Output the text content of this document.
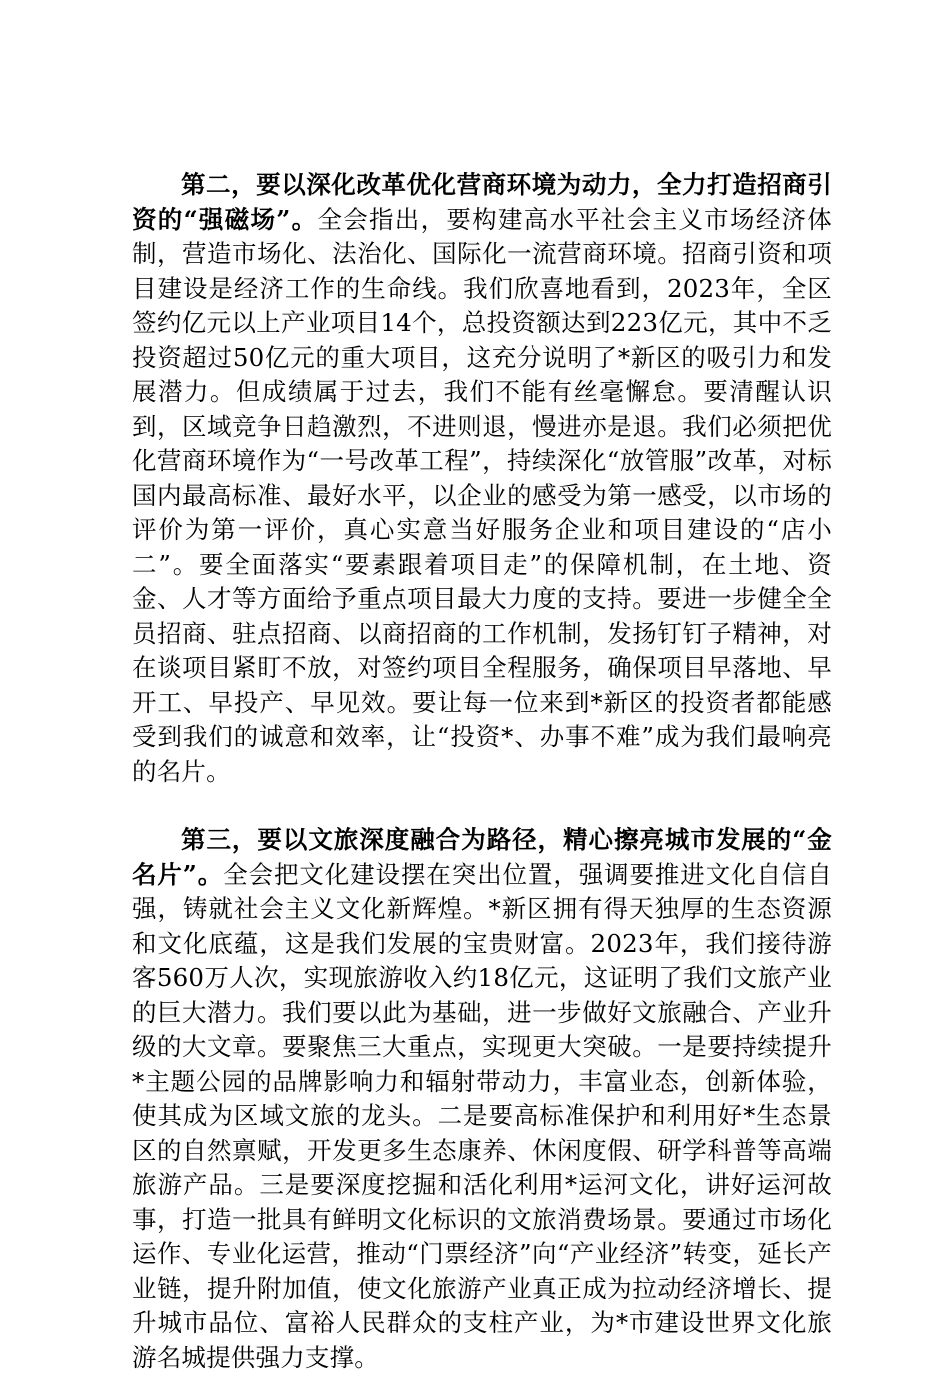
第二，要以深化改革优化营商环境为动力，全力打造招商引资的“强磁场”。全会指出，要构建高水平社会主义市场经济体制，营造市场化、法治化、国际化一流营商环境。招商引资和项目建设是经济工作的生命线。我们欣喜地看到，2023年，全区签约亿元以上产业项目14个，总投资额达到223亿元，其中不乏投资超过50亿元的重大项目，这充分说明了*新区的吸引力和发展潜力。但成绩属于过去，我们不能有丝毫懈怠。要清醒认识到，区域竞争日趋激烈，不进则退，慢进亦是退。我们必须把优化营商环境作为“一号改革工程”，持续深化“放管服”改革，对标国内最高标准、最好水平，以企业的感受为第一感受，以市场的评价为第一评价，真心实意当好服务企业和项目建设的“店小二”。要全面落实“要素跟着项目走”的保障机制，在土地、资金、人才等方面给予重点项目最大力度的支持。要进一步健全全员招商、驻点招商、以商招商的工作机制，发扬钉钉子精神，对在谈项目紧盯不放，对签约项目全程服务，确保项目早落地、早开工、早投产、早见效。要让每一位来到*新区的投资者都能感受到我们的诚意和效率，让“投资*、办事不难”成为我们最响亮的名片。

第三，要以文旅深度融合为路径，精心擦亮城市发展的“金名片”。全会把文化建设摆在突出位置，强调要推进文化自信自强，铸就社会主义文化新辉煌。*新区拥有得天独厚的生态资源和文化底蕴，这是我们发展的宝贵财富。2023年，我们接待游客560万人次，实现旅游收入约18亿元，这证明了我们文旅产业的巨大潜力。我们要以此为基础，进一步做好文旅融合、产业升级的大文章。要聚焦三大重点，实现更大突破。一是要持续提升*主题公园的品牌影响力和辐射带动力，丰富业态，创新体验，使其成为区域文旅的龙头。二是要高标准保护和利用好*生态景区的自然禀赋，开发更多生态康养、休闲度假、研学科普等高端旅游产品。三是要深度挖掘和活化利用*运河文化，讲好运河故事，打造一批具有鲜明文化标识的文旅消费场景。要通过市场化运作、专业化运营，推动“门票经济”向“产业经济”转变，延长产业链，提升附加值，使文化旅游产业真正成为拉动经济增长、提升城市品位、富裕人民群众的支柱产业，为*市建设世界文化旅游名城提供强力支撑。
